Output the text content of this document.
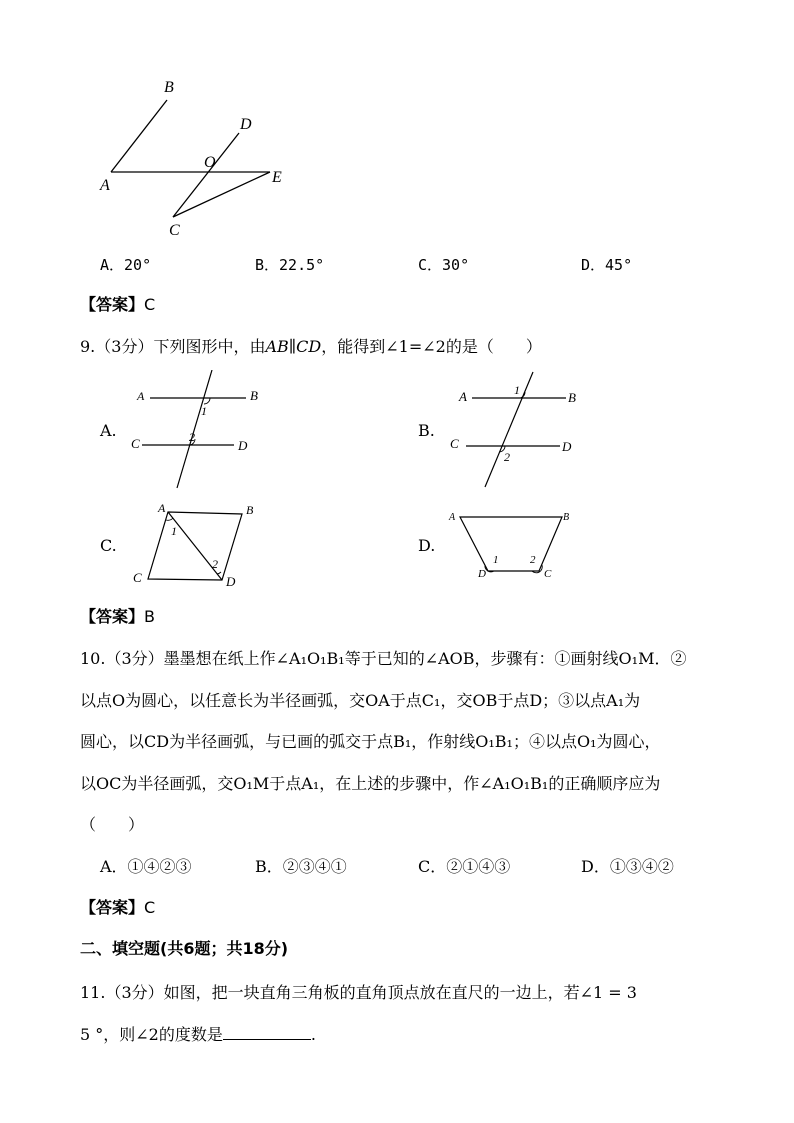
B
D
O
A	E
C
A．20°	B．22.5°	C．30°	D．45°
【答案】C
9.（3分）下列图形中，由AB∥CD，能得到∠1=∠2的是（　　）
A.	B.
C.	D.
A	B
1
2
C	D
1
A	B
C	D
2
A	B
1
2
C	D
A	B
1	2
D	C
【答案】B
10.（3分）墨墨想在纸上作∠A₁O₁B₁等于已知的∠AOB，步骤有：①画射线O₁M．②
以点O为圆心，以任意长为半径画弧，交OA于点C₁，交OB于点D；③以点A₁为
圆心，以CD为半径画弧，与已画的弧交于点B₁，作射线O₁B₁；④以点O₁为圆心，
以OC为半径画弧，交O₁M于点A₁，在上述的步骤中，作∠A₁O₁B₁的正确顺序应为
（　　）
A．①④②③	B．②③④①	C．②①④③	D．①③④②
【答案】C
二、填空题(共6题；共18分)
11.（3分）如图，把一块直角三角板的直角顶点放在直尺的一边上，若∠1 = 3
5 °，则∠2的度数是	.
